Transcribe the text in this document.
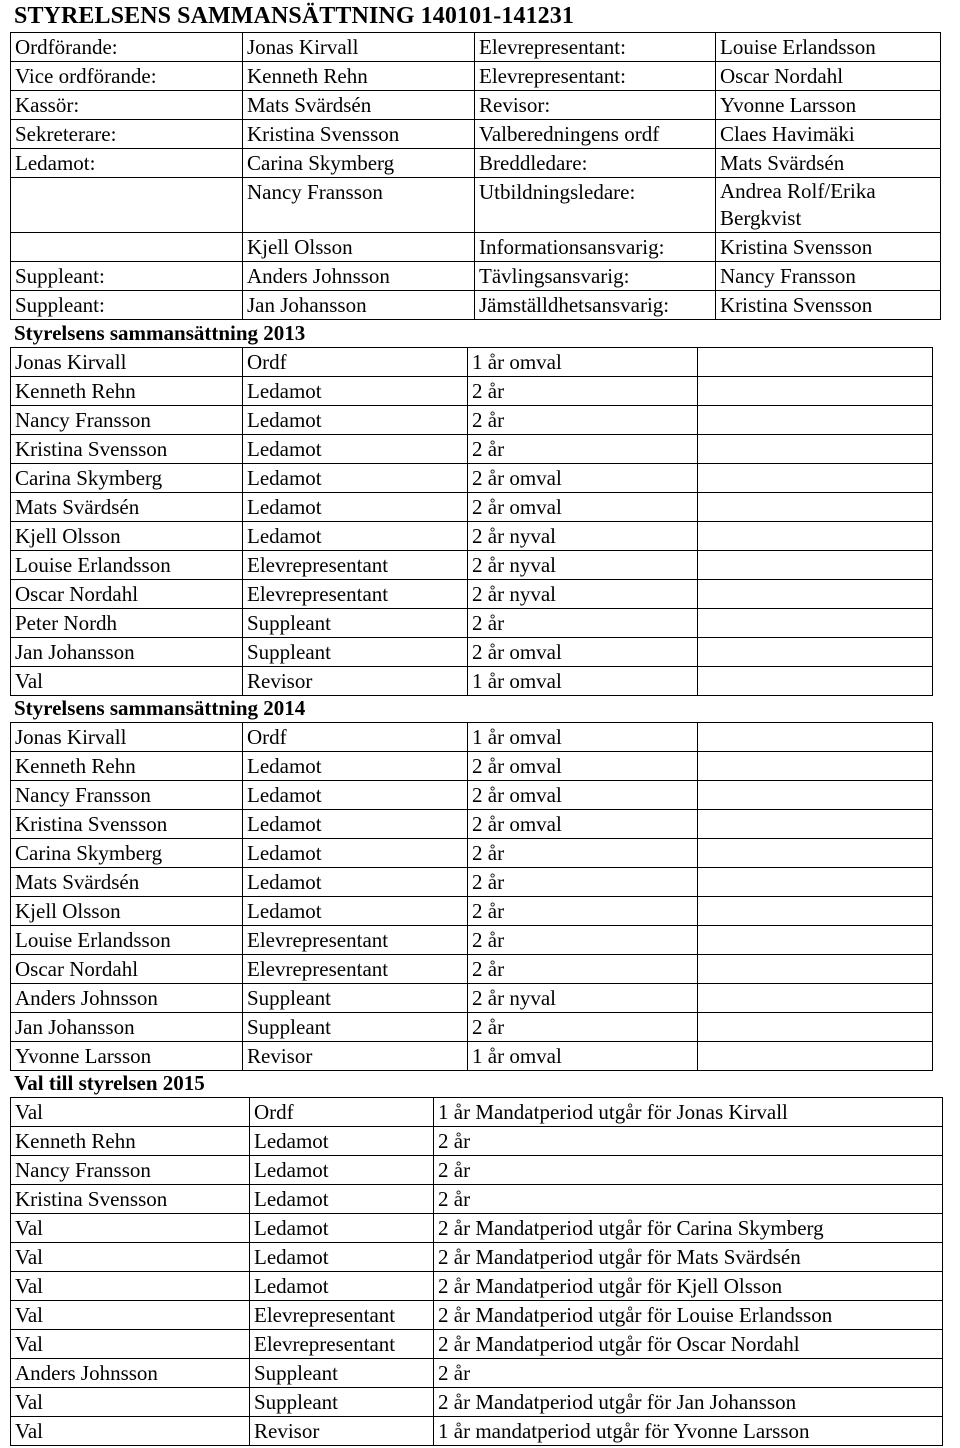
STYRELSENS SAMMANSÄTTNING 140101-141231
Ordförande:	Jonas Kirvall	Elevrepresentant:	Louise Erlandsson
Vice ordförande:	Kenneth Rehn	Elevrepresentant:	Oscar Nordahl
Kassör:	Mats Svärdsén	Revisor:	Yvonne Larsson
Sekreterare:	Kristina Svensson	Valberedningens ordf	Claes Havimäki
Ledamot:	Carina Skymberg	Breddledare:	Mats Svärdsén
	Nancy Fransson	Utbildningsledare:	Andrea Rolf/Erika Bergkvist
	Kjell Olsson	Informationsansvarig:	Kristina Svensson
Suppleant:	Anders Johnsson	Tävlingsansvarig:	Nancy Fransson
Suppleant:	Jan Johansson	Jämställdhetsansvarig:	Kristina Svensson
Styrelsens sammansättning 2013
Jonas Kirvall	Ordf	1 år omval	
Kenneth Rehn	Ledamot	2 år	
Nancy Fransson	Ledamot	2 år	
Kristina Svensson	Ledamot	2 år	
Carina Skymberg	Ledamot	2 år omval	
Mats Svärdsén	Ledamot	2 år omval	
Kjell Olsson	Ledamot	2 år nyval	
Louise Erlandsson	Elevrepresentant	2 år nyval	
Oscar Nordahl	Elevrepresentant	2 år nyval	
Peter Nordh	Suppleant	2 år	
Jan Johansson	Suppleant	2 år omval	
Val	Revisor	1 år omval	
Styrelsens sammansättning 2014
Jonas Kirvall	Ordf	1 år omval	
Kenneth Rehn	Ledamot	2 år omval	
Nancy Fransson	Ledamot	2 år omval	
Kristina Svensson	Ledamot	2 år omval	
Carina Skymberg	Ledamot	2 år	
Mats Svärdsén	Ledamot	2 år	
Kjell Olsson	Ledamot	2 år	
Louise Erlandsson	Elevrepresentant	2 år	
Oscar Nordahl	Elevrepresentant	2 år	
Anders Johnsson	Suppleant	2 år nyval	
Jan Johansson	Suppleant	2 år	
Yvonne Larsson	Revisor	1 år omval	
Val till styrelsen 2015
Val	Ordf	1 år Mandatperiod utgår för Jonas Kirvall
Kenneth Rehn	Ledamot	2 år
Nancy Fransson	Ledamot	2 år
Kristina Svensson	Ledamot	2 år
Val	Ledamot	2 år Mandatperiod utgår för Carina Skymberg
Val	Ledamot	2 år Mandatperiod utgår för Mats Svärdsén
Val	Ledamot	2 år Mandatperiod utgår för Kjell Olsson
Val	Elevrepresentant	2 år Mandatperiod utgår för Louise Erlandsson
Val	Elevrepresentant	2 år Mandatperiod utgår för Oscar Nordahl
Anders Johnsson	Suppleant	2 år
Val	Suppleant	2 år Mandatperiod utgår för Jan Johansson
Val	Revisor	1 år mandatperiod utgår för Yvonne Larsson
